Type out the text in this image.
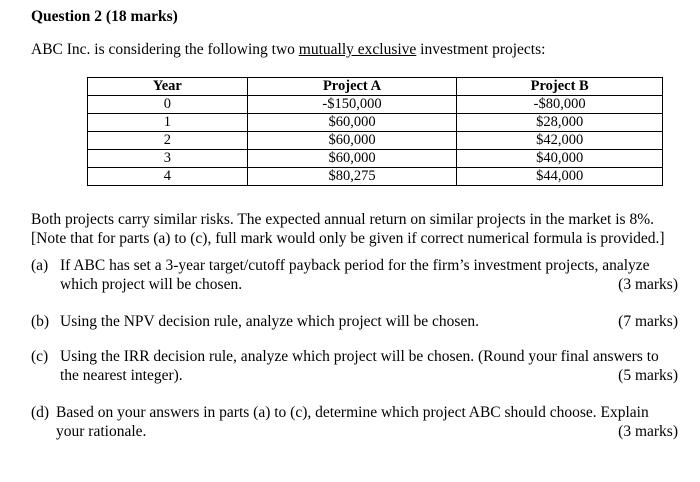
Question 2 (18 marks)
ABC Inc. is considering the following two mutually exclusive investment projects:
Year	Project A	Project B
0	-$150,000	-$80,000
1	$60,000	$28,000
2	$60,000	$42,000
3	$60,000	$40,000
4	$80,275	$44,000
Both projects carry similar risks. The expected annual return on similar projects in the market is 8%.
[Note that for parts (a) to (c), full mark would only be given if correct numerical formula is provided.]
(a) If ABC has set a 3-year target/cutoff payback period for the firm’s investment projects, analyze
which project will be chosen.	(3 marks)
(b) Using the NPV decision rule, analyze which project will be chosen.	(7 marks)
(c) Using the IRR decision rule, analyze which project will be chosen. (Round your final answers to
the nearest integer).	(5 marks)
(d) Based on your answers in parts (a) to (c), determine which project ABC should choose. Explain
your rationale.	(3 marks)
